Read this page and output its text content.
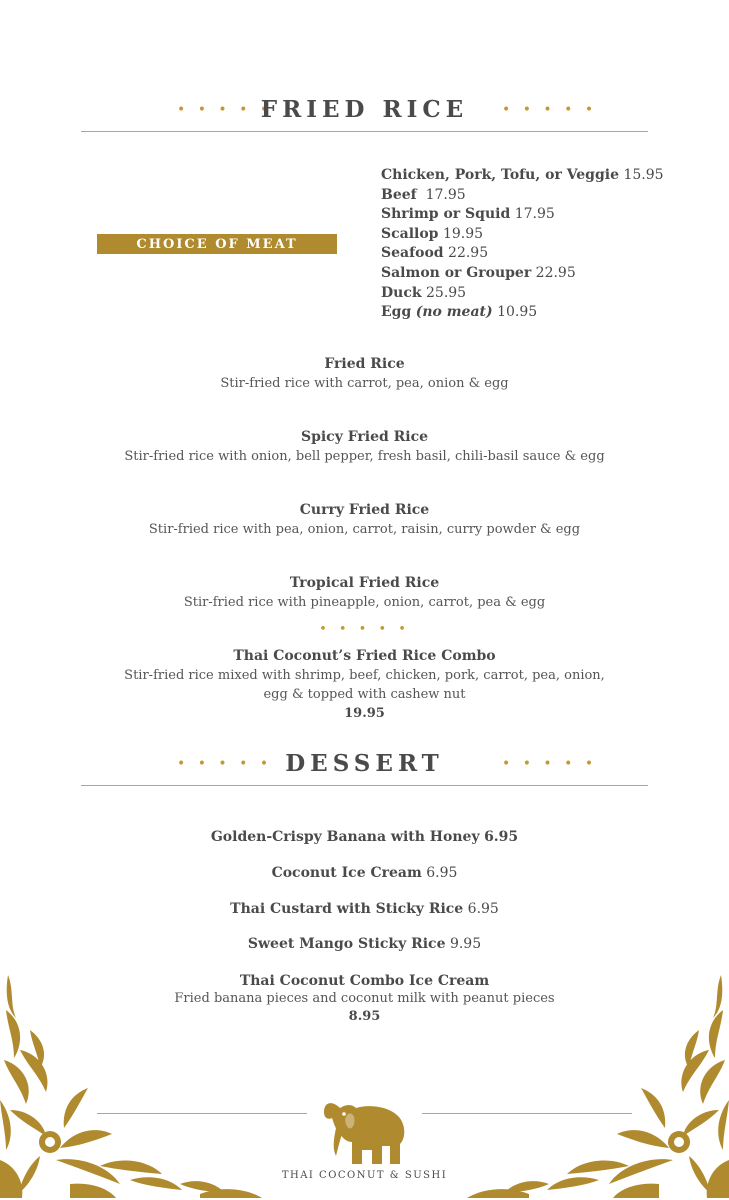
• • • • •
FRIED RICE	• • • • •
CHOICE OF MEAT
Chicken, Pork, Tofu, or Veggie 15.95
Beef 17.95
Shrimp or Squid 17.95
Scallop 19.95
Seafood 22.95
Salmon or Grouper 22.95
Duck 25.95
Egg (no meat) 10.95
Fried Rice
Stir-fried rice with carrot, pea, onion & egg
Spicy Fried Rice
Stir-fried rice with onion, bell pepper, fresh basil, chili-basil sauce & egg
Curry Fried Rice
Stir-fried rice with pea, onion, carrot, raisin, curry powder & egg
Tropical Fried Rice
Stir-fried rice with pineapple, onion, carrot, pea & egg
• • • • •
Thai Coconut’s Fried Rice Combo
Stir-fried rice mixed with shrimp, beef, chicken, pork, carrot, pea, onion,
egg & topped with cashew nut
19.95
• • • • • DESSERT	• • • • •
Golden-Crispy Banana with Honey 6.95
Coconut Ice Cream 6.95
Thai Custard with Sticky Rice 6.95
Sweet Mango Sticky Rice 9.95
Thai Coconut Combo Ice Cream
Fried banana pieces and coconut milk with peanut pieces
8.95
THAI COCONUT & SUSHI
